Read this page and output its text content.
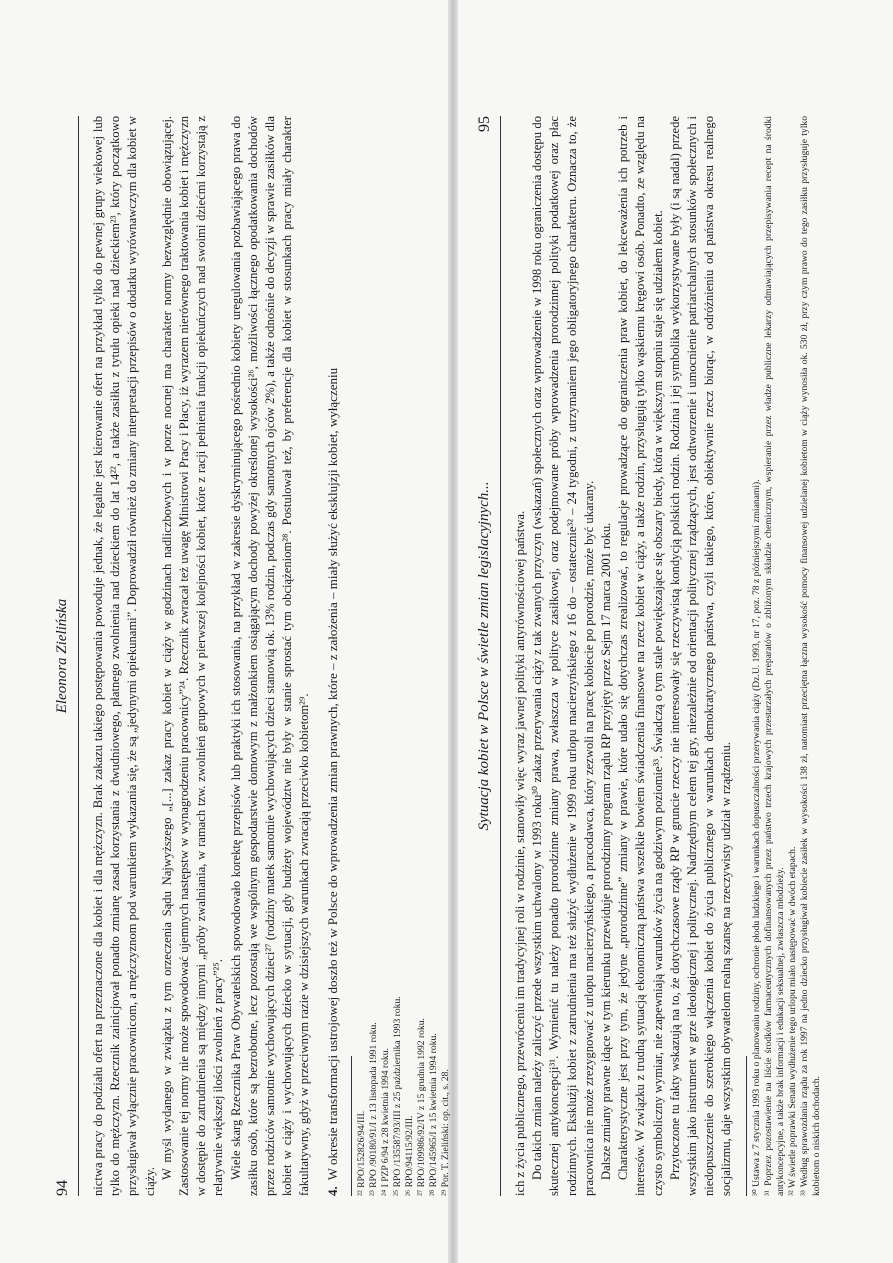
94
Eleonora Zielińska nictwa pracy do podziału ofert na przeznaczone dla kobiet i dla mężczyzn. Brak zakazu takiego postępowania powoduje jednak, że legalne jest kierowanie ofert na przykład tylko do pewnej grupy wiekowej lub tylko do mężczyzn. Rzecznik zainicjował ponadto zmianę zasad korzystania z dwudniowego, płatnego zwolnienia nad dzieckiem do lat 14²², a także zasiłku z tytułu opieki nad dzieckiem²³, który początkowo przysługiwał wyłącznie pracownicom, a mężczyznom pod warunkiem wykazania się, że są „jedynymi opiekunami”. Doprowadził również do zmiany interpretacji przepisów o dodatku wyrównawczym dla kobiet w ciąży.

W myśl wydanego w związku z tym orzeczenia Sądu Najwyższego „[...] zakaz pracy kobiet w ciąży w godzinach nadliczbowych i w porze nocnej ma charakter normy bezwzględnie obowiązującej. Zastosowanie tej normy nie może spowodować ujemnych następstw w wynagrodzeniu pracownicy”²⁴. Rzecznik zwracał też uwagę Ministrowi Pracy i Płacy, iż wyrazem nierównego traktowania kobiet i mężczyzn w dostępie do zatrudnienia są między innymi „próby zwalniania, w ramach tzw. zwolnień grupowych w pierwszej kolejności kobiet, które z racji pełnienia funkcji opiekuńczych nad swoimi dziećmi korzystają z relatywnie większej ilości zwolnień z pracy”²⁵. Wiele skarg Rzecznika Praw Obywatelskich spowodowało korektę przepisów lub praktyki ich stosowania, na przykład w zakresie dyskryminującego pośrednio kobiety uregulowania pozbawiającego prawa do zasiłku osób, które są bezrobotne, lecz pozostają we wspólnym gospodarstwie domowym z małżonkiem osiągającym dochody powyżej określonej wysokości²⁶, możliwości łącznego opodatkowania dochodów przez rodziców samotnie wychowujących dzieci²⁷ (rodziny matek samotnie wychowujących dzieci stanowią ok. 13% rodzin, podczas gdy samotnych ojców 2%), a także odnośnie do decyzji w sprawie zasiłków dla kobiet w ciąży i wychowujących dziecko w sytuacji, gdy budżety województw nie były w stanie sprostać tym obciążeniom²⁸. Postulował też, by preferencje dla kobiet w stosunkach pracy miały charakter fakultatywny, gdyż w przeciwnym razie w dzisiejszych warunkach zwracają przeciwko kobietom²⁹. 4.W okresie transformacji ustrojowej doszło też w Polsce do wprowadzenia zmian prawnych, które – z założenia – miały służyć eksklujzji kobiet, wyłączeniu ²² RPO/152826/94/III. ²³ RPO /90180/91/I z 13 listopada 1991 roku. ²⁴ I PZP 6/94 z 28 kwietnia 1994 roku. ²⁵ RPO /135587/93/III z 25 października 1993 roku. ²⁶ RPO/94115/92/III. ²⁷ RPO/109986/92/IV z 15 grudnia 1992 roku. ²⁸ RPO/145965/I z 15 kwietnia 1994 roku. ²⁹ Por. T. Zieliński: op. cit., s. 28.
Sytuacja kobiet w Polsce w świetle zmian legislacyjnych...
95

ich z życia publicznego, przewróceniu im tradycyjnej roli w rodzinie, stanowiły więc wyraz jawnej polityki antyrównościowej państwa. Do takich zmian należy zaliczyć przede wszystkim uchwalony w 1993 roku³⁰ zakaz przerywania ciąży z tak zwanych przyczyn (wskazań) społecznych oraz wprowadzenie w 1998 roku ograniczenia dostępu do skutecznej antykoncepcji³¹. Wymienić tu należy ponadto prorodzinne zmiany prawa, zwłaszcza w polityce zasiłkowej, oraz podejmowane próby wprowadzenia prorodzinnej polityki podatkowej oraz płac rodzinnych. Eksklużji kobiet z zatrudnienia ma też służyć wydłużenie w 1999 roku urlopu macierzyńskiego z 16 do – ostatecznie³² – 24 tygodni, z utrzymaniem jego obligatoryjnego charakteru. Oznacza to, że pracownica nie może zrezygnować z urlopu macierzyńskiego, a pracodawca, który zezwoli na pracę kobiecie po porodzie, może być ukarany. Dalsze zmiany prawne idące w tym kierunku przewiduje prorodzinny program rządu RP przyjęty przez Sejm 17 marca 2001 roku. Charakterystyczne jest przy tym, że jedyne „prorodzinne” zmiany w prawie, które udało się dotychczas zrealizować, to regulacje prowadzące do ograniczenia praw kobiet, do lekceważenia ich potrzeb i interesów. W związku z trudną sytuacją ekonomiczną państwa wszelkie bowiem świadczenia finansowe na rzecz kobiet w ciąży, a także rodzin, przysługują tylko wąskiemu kręgowi osób. Ponadto, ze względu na czysto symboliczny wymiar, nie zapewniają warunków życia na godziwym poziomie³³. Świadczą o tym stale powiększające się obszary biedy, która w większym stopniu staje się udziałem kobiet. Przytoczone tu fakty wskazują na to, że dotychczasowe rządy RP w gruncie rzeczy nie interesowały się rzeczywistą kondycją polskich rodzin. Rodzina i jej symbolika wykorzystywane były (i są nadal) przede wszystkim jako instrument w grze ideologicznej i politycznej. Nadrzędnym celem tej gry, niezależnie od orientacji politycznej rządzących, jest odtworzenie i umocnienie patriarchalnych stosunków społecznych i niedopuszczenie do szerokiego włączenia kobiet do życia publicznego w warunkach demokratycznego państwa, czyli takiego, które, obiektywnie rzecz biorąc, w odróżnieniu od państwa okresu realnego socjalizmu, daje wszystkim obywatelom realną szansę na rzeczywisty udział w rządzeniu. ³⁰ Ustawa z 7 stycznia 1993 roku o planowaniu rodziny, ochronie płodu ludzkiego i warunkach dopuszczalności przerywania ciąży (Dz.U. 1993, nr 17, poz. 78 z późniejszymi zmianami). ³¹ Poprzez pozostawienie na liście środków farmaceutycznych dofinansowanych przez państwo trzech krajowych przestarzałych preparatów o zbliżonym składzie chemicznym, wspieranie przez władze publiczne lekarzy odmawiających przepisywania recept na środki antykoncepcyjne, a także brak informacji i edukacji seksualnej, zwłaszcza młodzieży. ³² W świetle poprawki Senatu wydłużenie tego urlopu miało następować w dwóch etapach. ³³ Według sprawozdania rządu za rok 1997 na jedno dziecko przysługiwał kobiecie zasiłek w wysokości 138 zł, natomiast przeciętna łączna wysokość pomocy finansowej udzielanej kobietom w ciąży wynosiła ok. 530 zł, przy czym prawo do tego zasiłku przysługuje tylko kobietom o niskich dochodach.
